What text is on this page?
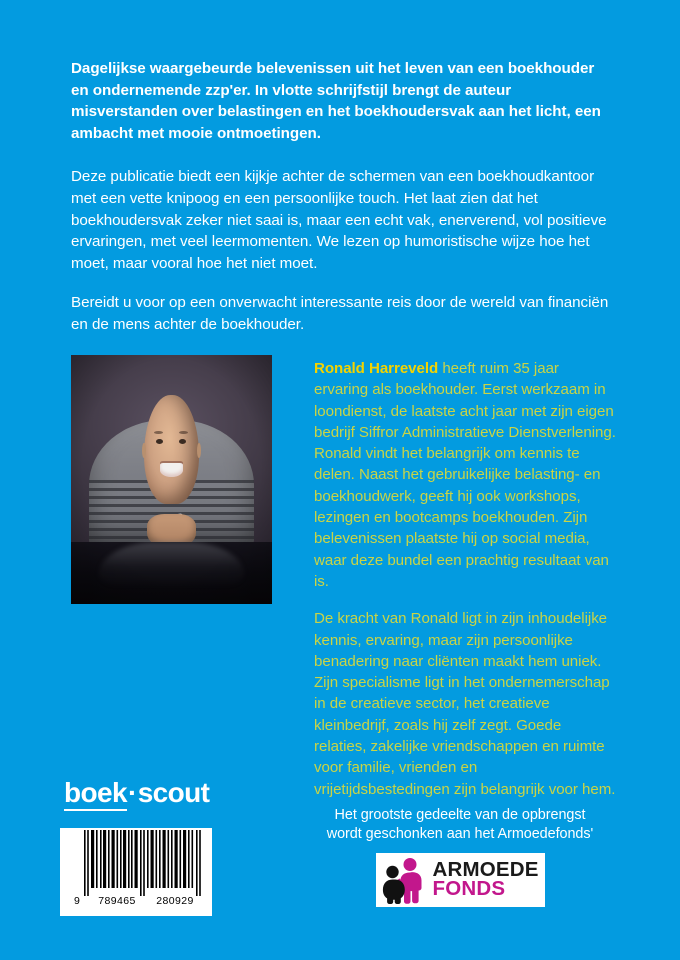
Dagelijkse waargebeurde belevenissen uit het leven van een boekhouder en ondernemende zzp'er. In vlotte schrijfstijl brengt de auteur misverstanden over belastingen en het boekhoudersvak aan het licht, een ambacht met mooie ontmoetingen.

Deze publicatie biedt een kijkje achter de schermen van een boekhoudkantoor met een vette knipoog en een persoonlijke touch. Het laat zien dat het boekhoudersvak zeker niet saai is, maar een echt vak, enerverend, vol positieve ervaringen, met veel leermomenten. We lezen op humoristische wijze hoe het moet, maar vooral hoe het niet moet.

Bereidt u voor op een onverwacht interessante reis door de wereld van financiën en de mens achter de boekhouder.

Ronald Harreveld heeft ruim 35 jaar ervaring als boekhouder. Eerst werkzaam in loondienst, de laatste acht jaar met zijn eigen bedrijf Siffror Administratieve Dienstverlening. Ronald vindt het belangrijk om kennis te delen. Naast het gebruikelijke belasting- en boekhoudwerk, geeft hij ook workshops, lezingen en bootcamps boekhouden. Zijn belevenissen plaatste hij op social media, waar deze bundel een prachtig resultaat van is.

De kracht van Ronald ligt in zijn inhoudelijke kennis, ervaring, maar zijn persoonlijke benadering naar cliënten maakt hem uniek. Zijn specialisme ligt in het ondernemerschap in de creatieve sector, het creatieve kleinbedrijf, zoals hij zelf zegt. Goede relaties, zakelijke vriendschappen en ruimte voor familie, vrienden en vrijetijdsbestedingen zijn belangrijk voor hem.

boek·scout
9	789465	280929
Het grootste gedeelte van de opbrengst
wordt geschonken aan het Armoedefonds'
ARMOEDE
FONDS
